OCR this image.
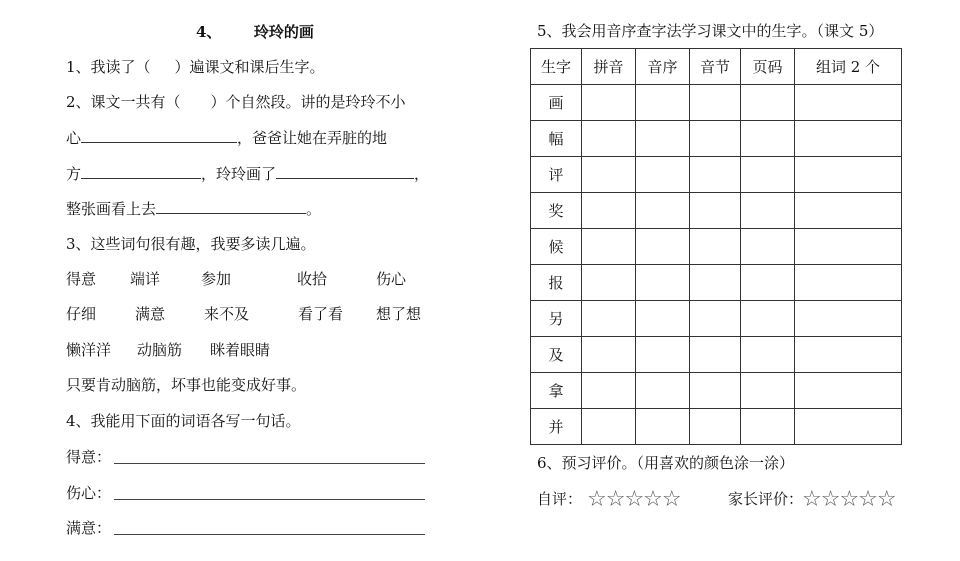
4、 玲玲的画
1、我读了（ ）遍课文和课后生字。
2、课文一共有（　　）个自然段。讲的是玲玲不小
心	，爸爸让她在弄脏的地
方	，玲玲画了	，
整张画看上去	。
3、这些词句很有趣，我要多读几遍。
得意 端详	参加	收拾	伤心
仔细	满意	来不及	看了看 想了想
懒洋洋 动脑筋 眯着眼睛
只要肯动脑筋，坏事也能变成好事。
4、我能用下面的词语各写一句话。
得意：
伤心：
满意：
5、我会用音序查字法学习课文中的生字。（课文 5）
生字	拼音	音序	音节	页码	组词 2 个
画					
幅					
评					
奖					
候					
报					
另					
及					
拿					
并					
6、预习评价。（用喜欢的颜色涂一涂）
自评： ☆☆☆☆☆	家长评价：
☆☆☆☆☆
